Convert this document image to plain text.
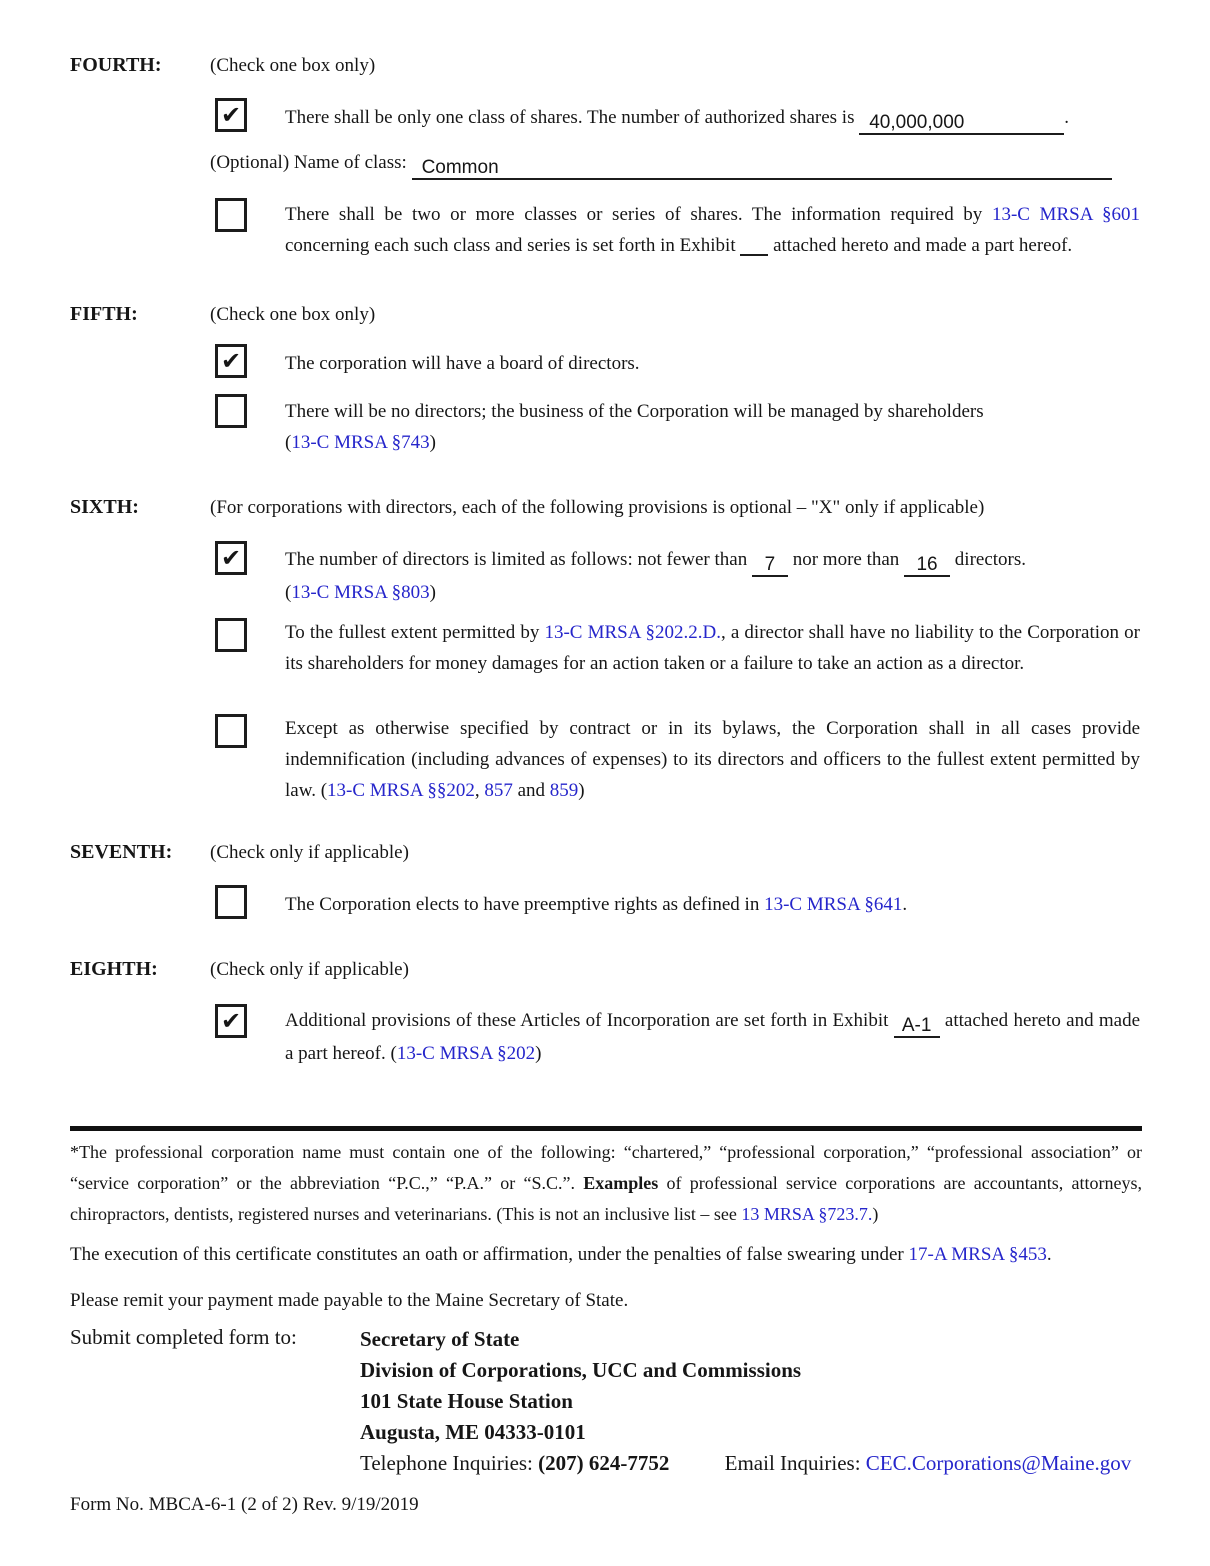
FOURTH:	(Check one box only)
✔ There shall be only one class of shares. The number of authorized shares is 40,000,000	.
(Optional) Name of class: Common
There shall be two or more classes or series of shares. The information required by 13-C MRSA §601 concerning each such class and series is set forth in Exhibit  attached hereto and made a part hereof.
FIFTH:	(Check one box only)
✔ The corporation will have a board of directors.
There will be no directors; the business of the Corporation will be managed by shareholders
(13-C MRSA §743)
SIXTH:	(For corporations with directors, each of the following provisions is optional – "X" only if applicable)
✔ The number of directors is limited as follows: not fewer than 7 nor more than 16 directors.
(13-C MRSA §803)
To the fullest extent permitted by 13-C MRSA §202.2.D., a director shall have no liability to the Corporation or its shareholders for money damages for an action taken or a failure to take an action as a director.
Except as otherwise specified by contract or in its bylaws, the Corporation shall in all cases provide indemnification (including advances of expenses) to its directors and officers to the fullest extent permitted by law. (13-C MRSA §§202, 857 and 859)
SEVENTH: (Check only if applicable)
The Corporation elects to have preemptive rights as defined in 13-C MRSA §641.
EIGHTH:	(Check only if applicable)
✔ Additional provisions of these Articles of Incorporation are set forth in Exhibit A-1 attached hereto and made a part hereof. (13-C MRSA §202)
*The professional corporation name must contain one of the following: “chartered,” “professional corporation,” “professional association” or “service corporation” or the abbreviation “P.C.,” “P.A.” or “S.C.”. Examples of professional service corporations are accountants, attorneys, chiropractors, dentists, registered nurses and veterinarians. (This is not an inclusive list – see 13 MRSA §723.7.)
The execution of this certificate constitutes an oath or affirmation, under the penalties of false swearing under 17-A MRSA §453.
Please remit your payment made payable to the Maine Secretary of State.
Submit completed form to:	Secretary of State
Division of Corporations, UCC and Commissions
101 State House Station
Augusta, ME 04333-0101
Telephone Inquiries: (207) 624-7752	Email Inquiries: CEC.Corporations@Maine.gov
Form No. MBCA-6-1 (2 of 2) Rev. 9/19/2019
